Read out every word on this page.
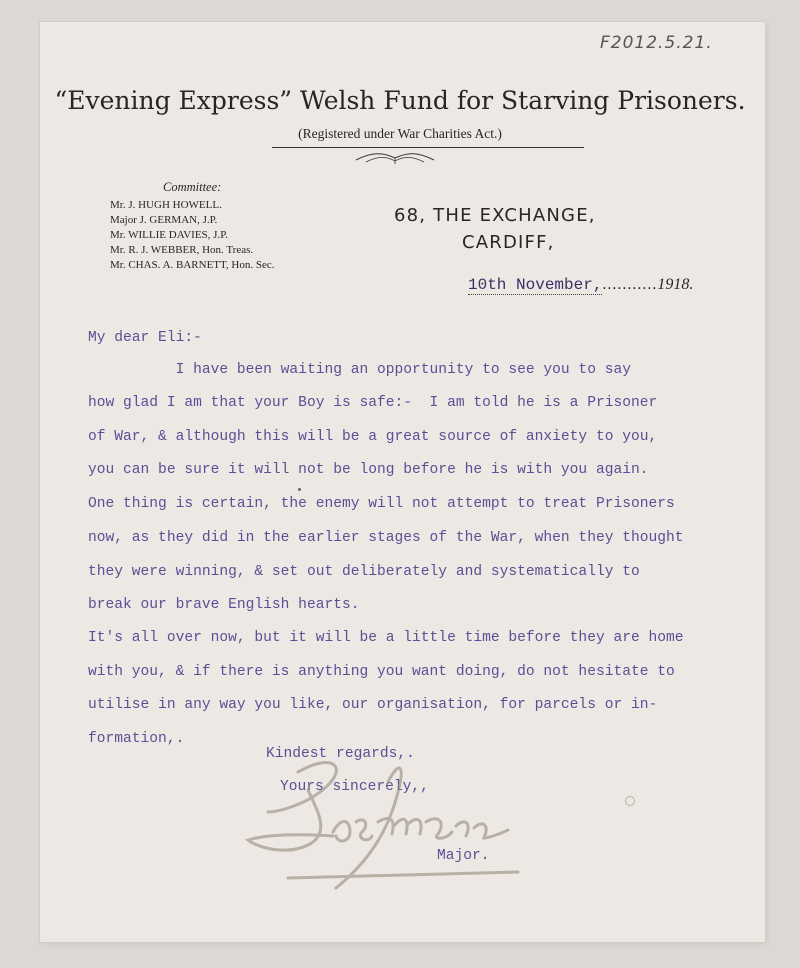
F2012.5.21.
“Evening Express” Welsh Fund for Starving Prisoners.
(Registered under War Charities Act.)
Committee:
Mr. J. HUGH HOWELL.
Major J. GERMAN, J.P.
Mr. WILLIE DAVIES, J.P.
Mr. R. J. WEBBER, Hon. Treas.
Mr. CHAS. A. BARNETT, Hon. Sec.
68, THE EXCHANGE,
CARDIFF,
10th November,...........1918.
My dear Eli:-
I have been waiting an opportunity to see you to say
how glad I am that your Boy is safe:-  I am told he is a Prisoner
of War, & although this will be a great source of anxiety to you,
you can be sure it will not be long before he is with you again.
One thing is certain, the enemy will not attempt to treat Prisoners
now, as they did in the earlier stages of the War, when they thought
they were winning, & set out deliberately and systematically to
break our brave English hearts.
It's all over now, but it will be a little time before they are home
with you, & if there is anything you want doing, do not hesitate to
utilise in any way you like, our organisation, for parcels or in-
formation,.
Kindest regards,.
Yours sincerely,,
Major.
